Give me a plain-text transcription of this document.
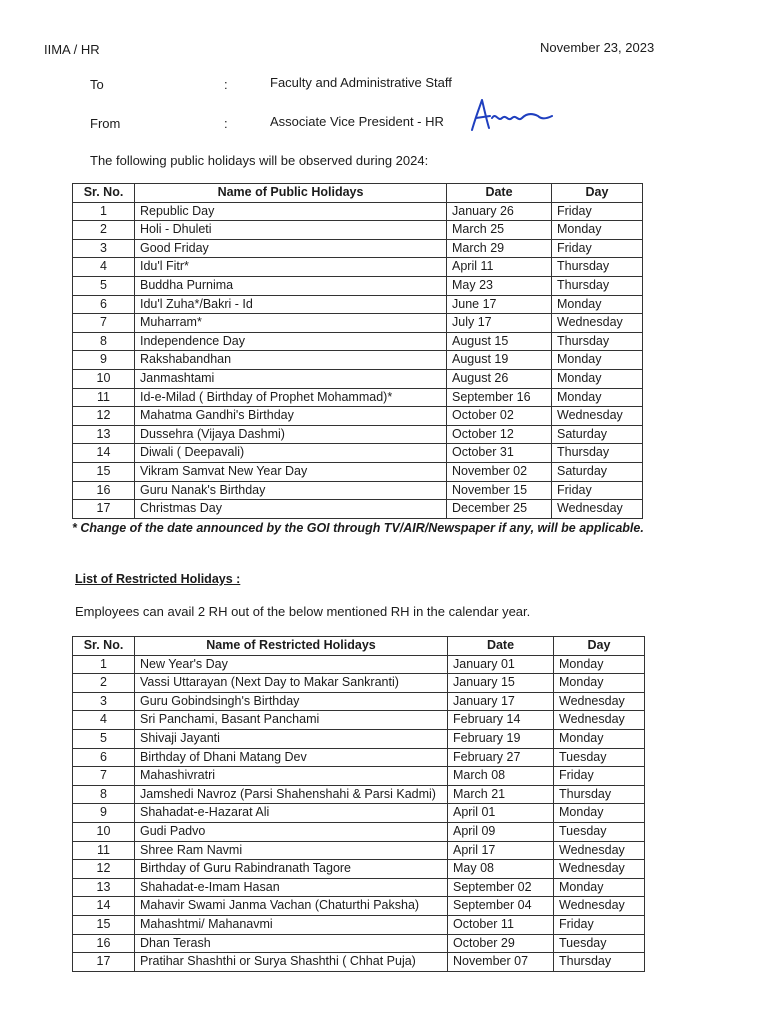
IIMA / HR	November 23, 2023
To	:	Faculty and Administrative Staff
From	:	Associate Vice President - HR
The following public holidays will be observed during 2024:
Sr. No.	Name of Public Holidays	Date	Day
1	Republic Day	January 26	Friday
2	Holi - Dhuleti	March 25	Monday
3	Good Friday	March 29	Friday
4	Idu'l Fitr*	April 11	Thursday
5	Buddha Purnima	May 23	Thursday
6	Idu'l Zuha*/Bakri - Id	June 17	Monday
7	Muharram*	July 17	Wednesday
8	Independence Day	August 15	Thursday
9	Rakshabandhan	August 19	Monday
10	Janmashtami	August 26	Monday
11	Id-e-Milad ( Birthday of Prophet Mohammad)*	September 16	Monday
12	Mahatma Gandhi's Birthday	October 02	Wednesday
13	Dussehra (Vijaya Dashmi)	October 12	Saturday
14	Diwali ( Deepavali)	October 31	Thursday
15	Vikram Samvat New Year Day	November 02	Saturday
16	Guru Nanak's Birthday	November 15	Friday
17	Christmas Day	December 25	Wednesday
* Change of the date announced by the GOI through TV/AIR/Newspaper if any, will be applicable.
List of Restricted Holidays :
Employees can avail 2 RH out of the below mentioned RH in the calendar year.
Sr. No.	Name of Restricted Holidays	Date	Day
1	New Year's Day	January 01	Monday
2	Vassi Uttarayan (Next Day to Makar Sankranti)	January 15	Monday
3	Guru Gobindsingh's Birthday	January 17	Wednesday
4	Sri Panchami, Basant Panchami	February 14	Wednesday
5	Shivaji Jayanti	February 19	Monday
6	Birthday of Dhani Matang Dev	February 27	Tuesday
7	Mahashivratri	March 08	Friday
8	Jamshedi Navroz (Parsi Shahenshahi & Parsi Kadmi)	March 21	Thursday
9	Shahadat-e-Hazarat Ali	April 01	Monday
10	Gudi Padvo	April 09	Tuesday
11	Shree Ram Navmi	April 17	Wednesday
12	Birthday of Guru Rabindranath Tagore	May 08	Wednesday
13	Shahadat-e-Imam Hasan	September 02	Monday
14	Mahavir Swami Janma Vachan (Chaturthi Paksha)	September 04	Wednesday
15	Mahashtmi/ Mahanavmi	October 11	Friday
16	Dhan Terash	October 29	Tuesday
17	Pratihar Shashthi or Surya Shashthi ( Chhat Puja)	November 07	Thursday
